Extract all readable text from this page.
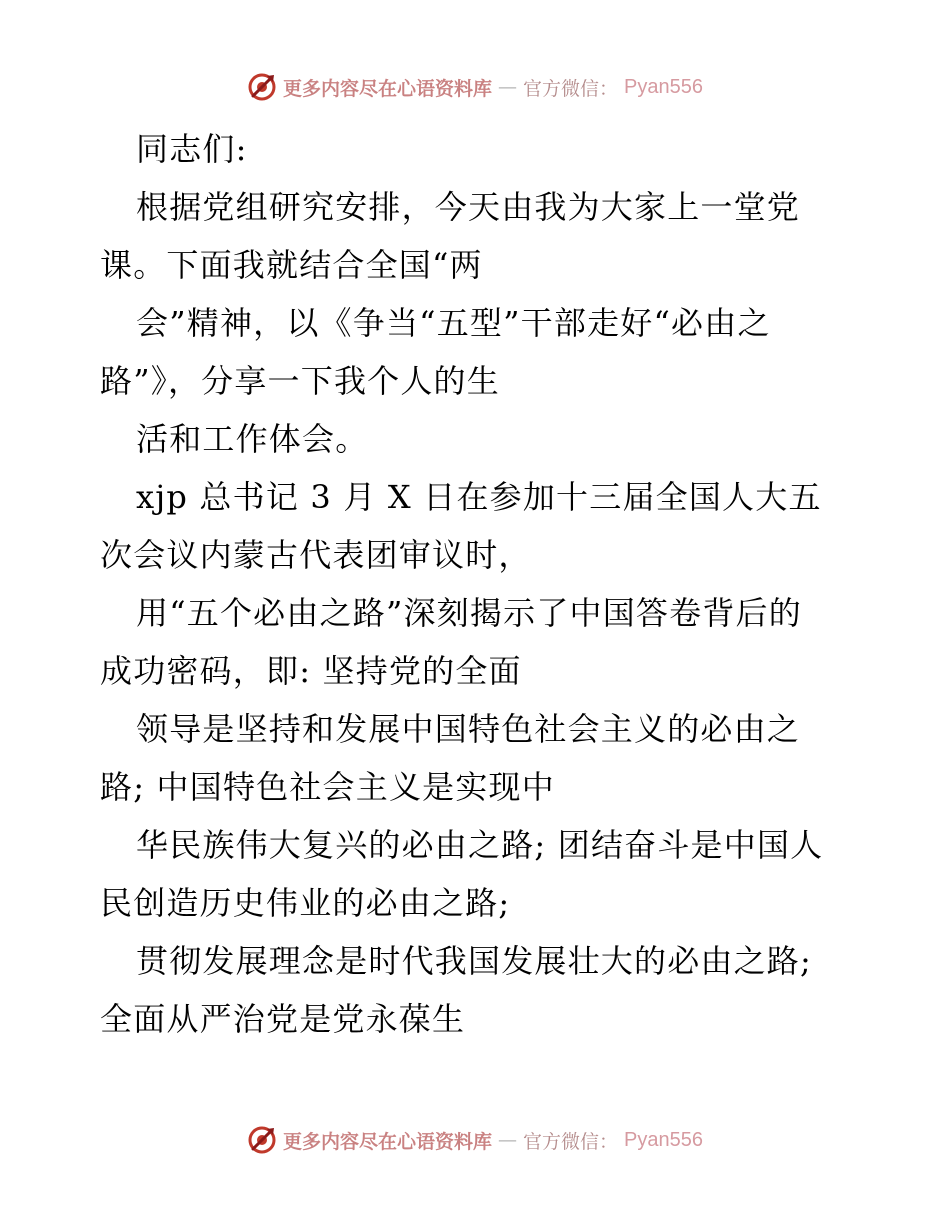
更多内容尽在心语资料库 — 官方微信： Pyan556
同志们:
根据党组研究安排，今天由我为大家上一堂党
课。下面我就结合全国“两
会”精神，以《争当“五型”干部走好“必由之
路”》，分享一下我个人的生
活和工作体会。
xjp 总书记 3 月 X 日在参加十三届全国人大五
次会议内蒙古代表团审议时，
用“五个必由之路”深刻揭示了中国答卷背后的
成功密码，即: 坚持党的全面
领导是坚持和发展中国特色社会主义的必由之
路; 中国特色社会主义是实现中
华民族伟大复兴的必由之路; 团结奋斗是中国人
民创造历史伟业的必由之路;
贯彻发展理念是时代我国发展壮大的必由之路;
全面从严治党是党永葆生
更多内容尽在心语资料库 — 官方微信： Pyan556
